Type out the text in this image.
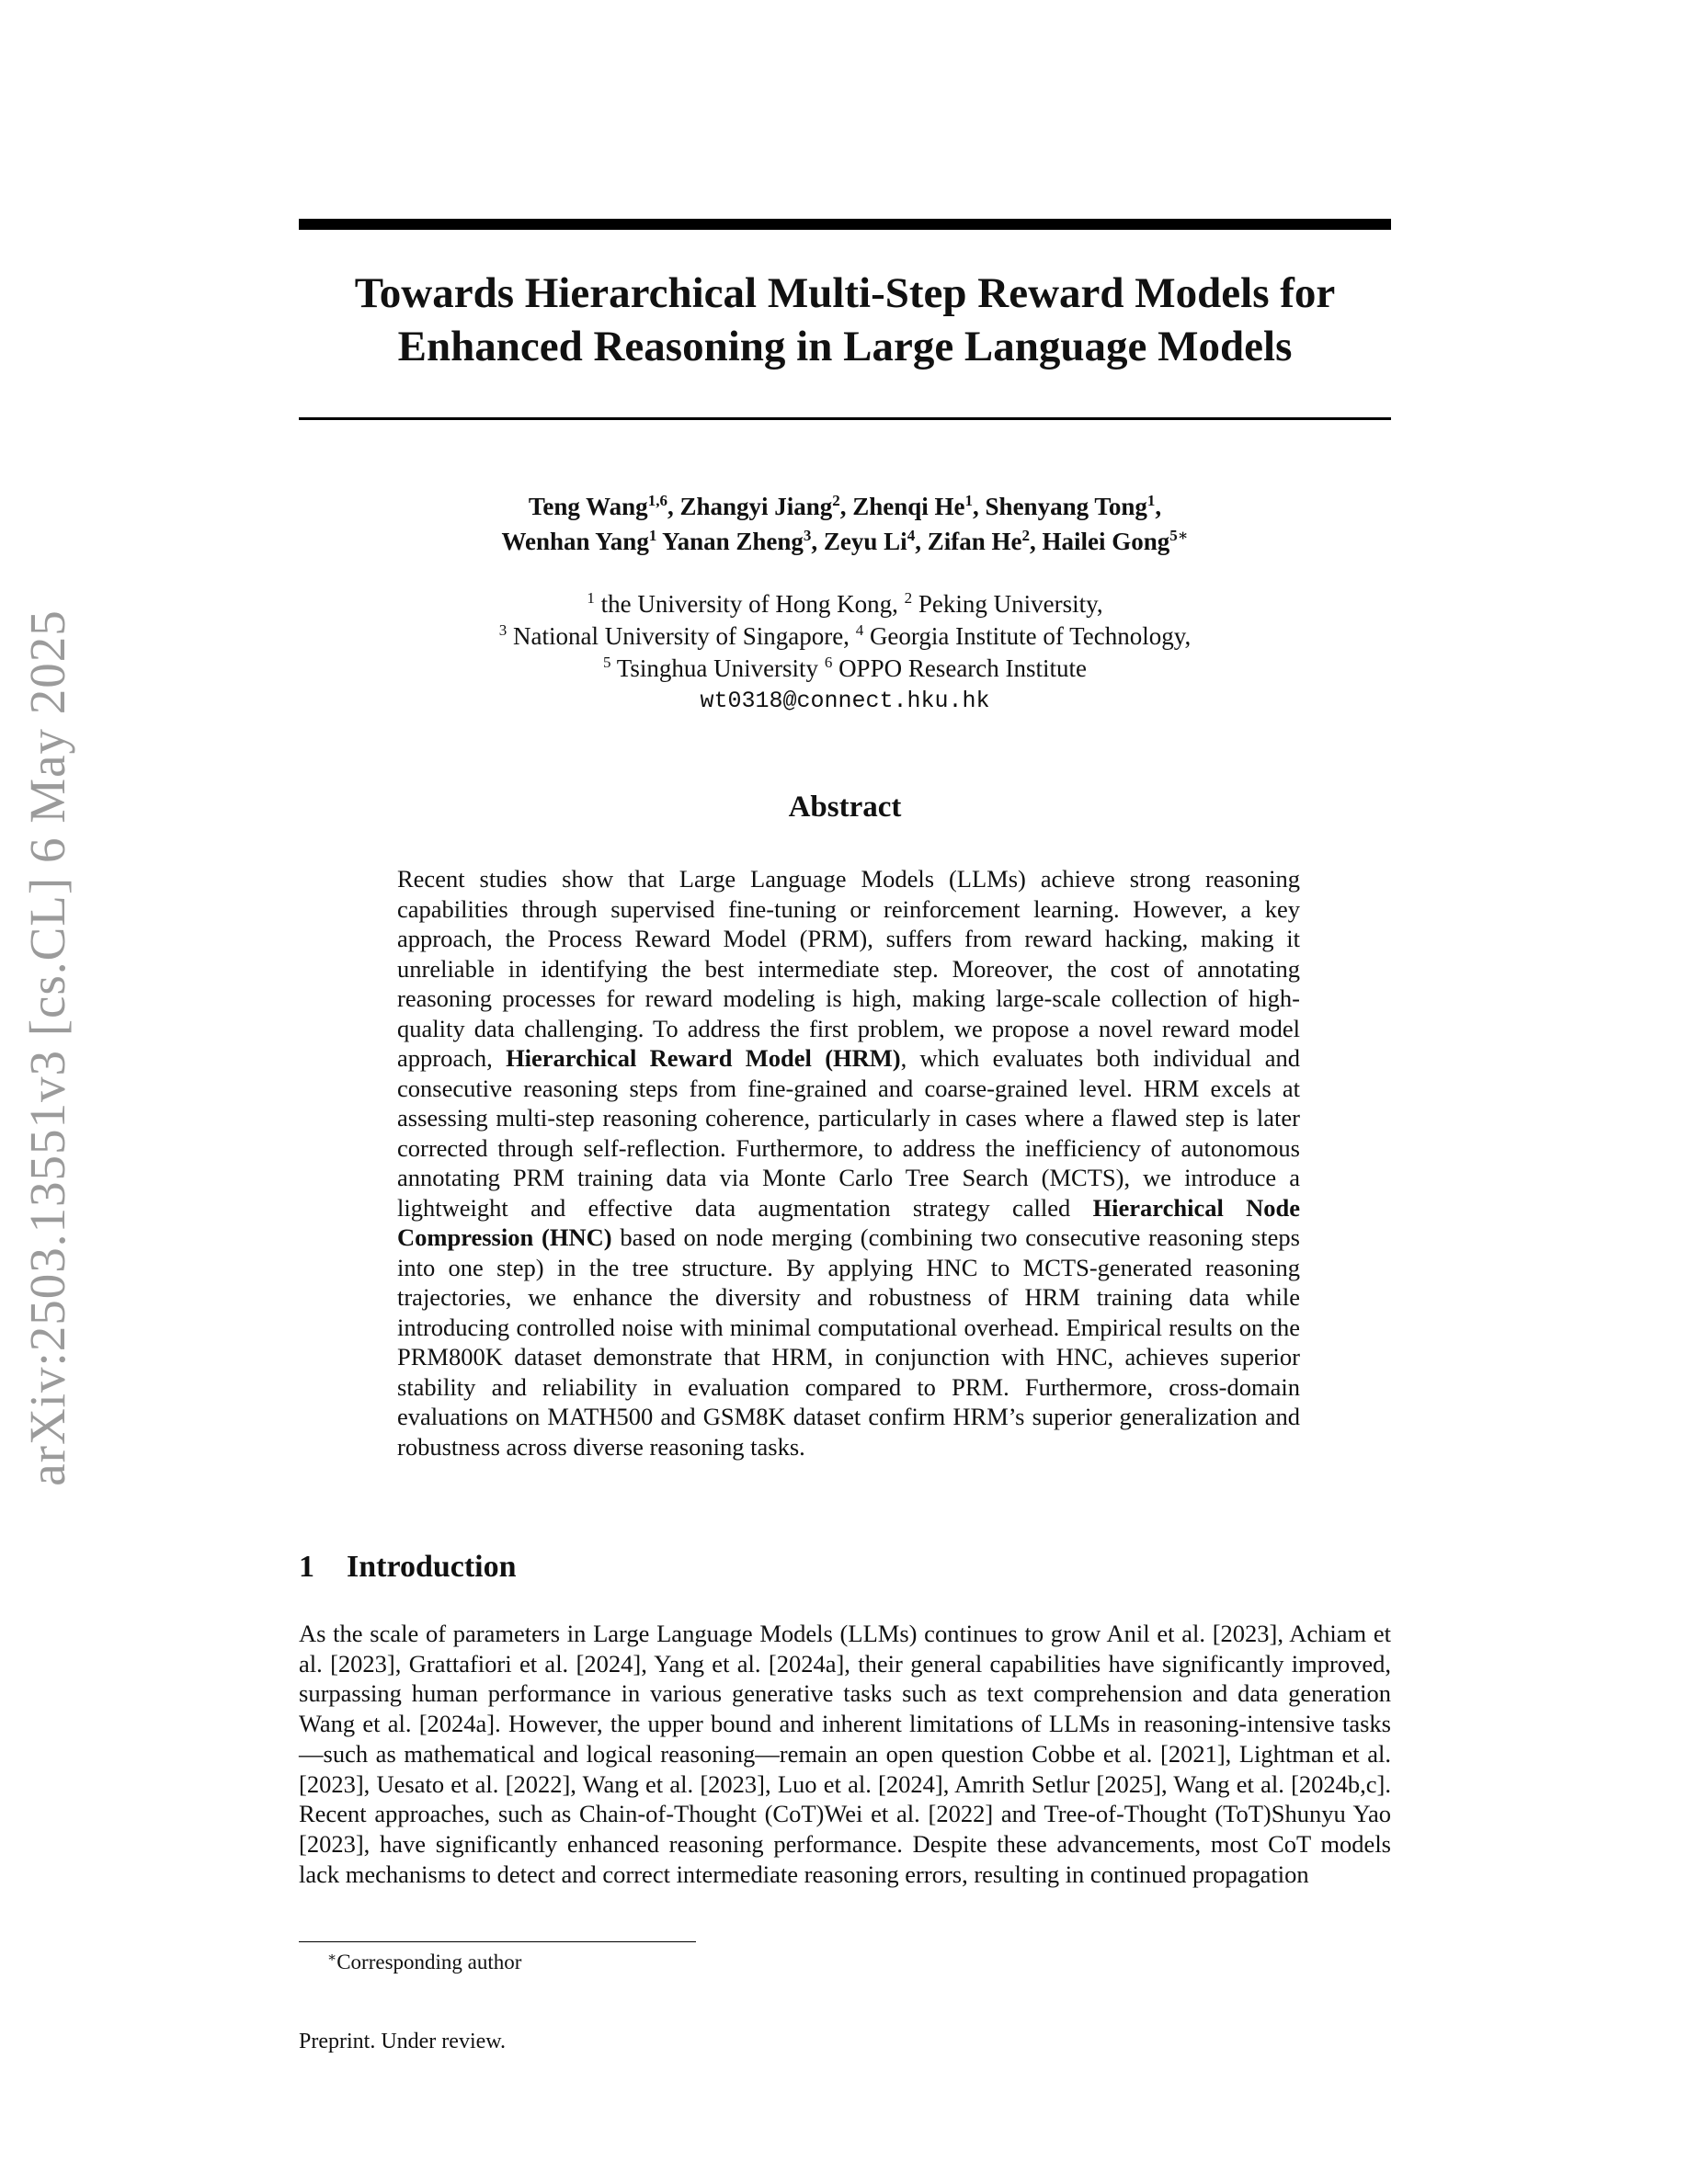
arXiv:2503.13551v3 [cs.CL] 6 May 2025
Towards Hierarchical Multi-Step Reward Models for
Enhanced Reasoning in Large Language Models
Teng Wang$^{1,6}$, Zhangyi Jiang$^2$, Zhenqi He$^1$, Shenyang Tong$^1$,
Wenhan Yang$^1$ Yanan Zheng$^3$, Zeyu Li$^4$, Zifan He$^2$, Hailei Gong$^{5∗}$
$^1$ the University of Hong Kong, $^2$ Peking University,
$^3$ National University of Singapore, $^4$ Georgia Institute of Technology,
$^5$ Tsinghua University $^6$ OPPO Research Institute
wt0318@connect.hku.hk
Abstract

Recent studies show that Large Language Models (LLMs) achieve strong reasoning capabilities through supervised fine-tuning or reinforcement learning. However, a key approach, the Process Reward Model (PRM), suffers from reward hacking, making it unreliable in identifying the best intermediate step. Moreover, the cost of annotating reasoning processes for reward modeling is high, making large-scale collection of high-quality data challenging. To address the first problem, we propose a novel reward model approach, Hierarchical Reward Model (HRM), which evaluates both individual and consecutive reasoning steps from fine-grained and coarse-grained level. HRM excels at assessing multi-step reasoning coherence, particularly in cases where a flawed step is later corrected through self-reflection. Furthermore, to address the inefficiency of autonomous annotating PRM training data via Monte Carlo Tree Search (MCTS), we introduce a lightweight and effective data augmentation strategy called Hierarchical Node Compression (HNC) based on node merging (combining two consecutive reasoning steps into one step) in the tree structure. By applying HNC to MCTS-generated reasoning trajectories, we enhance the diversity and robustness of HRM training data while introducing controlled noise with minimal computational overhead. Empirical results on the PRM800K dataset demonstrate that HRM, in conjunction with HNC, achieves superior stability and reliability in evaluation compared to PRM. Furthermore, cross-domain evaluations on MATH500 and GSM8K dataset confirm HRM’s superior generalization and robustness across diverse reasoning tasks.

1 Introduction

As the scale of parameters in Large Language Models (LLMs) continues to grow Anil et al. [2023], Achiam et al. [2023], Grattafiori et al. [2024], Yang et al. [2024a], their general capabilities have significantly improved, surpassing human performance in various generative tasks such as text comprehension and data generation Wang et al. [2024a]. However, the upper bound and inherent limitations of LLMs in reasoning-intensive tasks—such as mathematical and logical reasoning—remain an open question Cobbe et al. [2021], Lightman et al. [2023], Uesato et al. [2022], Wang et al. [2023], Luo et al. [2024], Amrith Setlur [2025], Wang et al. [2024b,c]. Recent approaches, such as Chain-of-Thought (CoT)Wei et al. [2022] and Tree-of-Thought (ToT)Shunyu Yao [2023], have significantly enhanced reasoning performance. Despite these advancements, most CoT models lack mechanisms to detect and correct intermediate reasoning errors, resulting in continued propagation

∗Corresponding author
Preprint. Under review.
